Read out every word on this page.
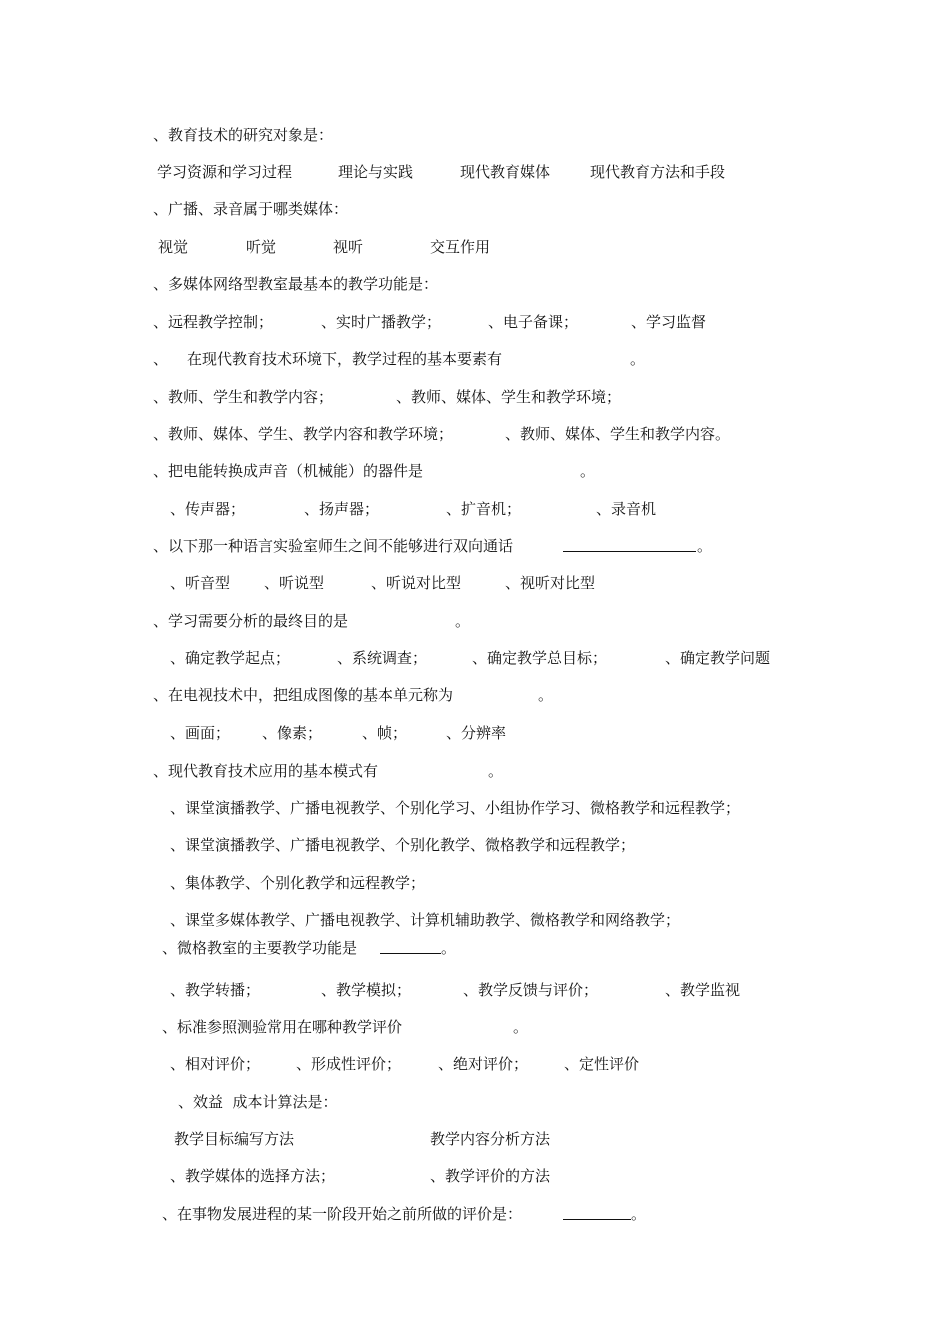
、教育技术的研究对象是：
学习资源和学习过程	理论与实践	现代教育媒体	现代教育方法和手段
、广播、录音属于哪类媒体：
视觉	听觉	视听	交互作用
、多媒体网络型教室最基本的教学功能是：
、远程教学控制；	、实时广播教学；	、电子备课；	、学习监督
、 在现代教育技术环境下，教学过程的基本要素有	。
、教师、学生和教学内容；	、教师、媒体、学生和教学环境；
、教师、媒体、学生、教学内容和教学环境；	、教师、媒体、学生和教学内容。
、把电能转换成声音（机械能）的器件是	。
、传声器；	、扬声器；	、扩音机；	、录音机
、以下那一种语言实验室师生之间不能够进行双向通话	。
、听音型 、听说型	、听说对比型	、视听对比型
、学习需要分析的最终目的是	。
、确定教学起点；	、系统调查；	、确定教学总目标；	、确定教学问题
、在电视技术中，把组成图像的基本单元称为	。
、画面； 、像素；	、帧；	、分辨率
、现代教育技术应用的基本模式有	。
、课堂演播教学、广播电视教学、个别化学习、小组协作学习、微格教学和远程教学；
、课堂演播教学、广播电视教学、个别化教学、微格教学和远程教学；
、集体教学、个别化教学和远程教学；
、课堂多媒体教学、广播电视教学、计算机辅助教学、微格教学和网络教学；
、微格教室的主要教学功能是	。
、教学转播；	、教学模拟；	、教学反馈与评价；	、教学监视
、标准参照测验常用在哪种教学评价	。
、相对评价； 、形成性评价； 、绝对评价； 、定性评价
、效益  成本计算法是：
教学目标编写方法	教学内容分析方法
、教学媒体的选择方法；	、教学评价的方法
、在事物发展进程的某一阶段开始之前所做的评价是：	。
